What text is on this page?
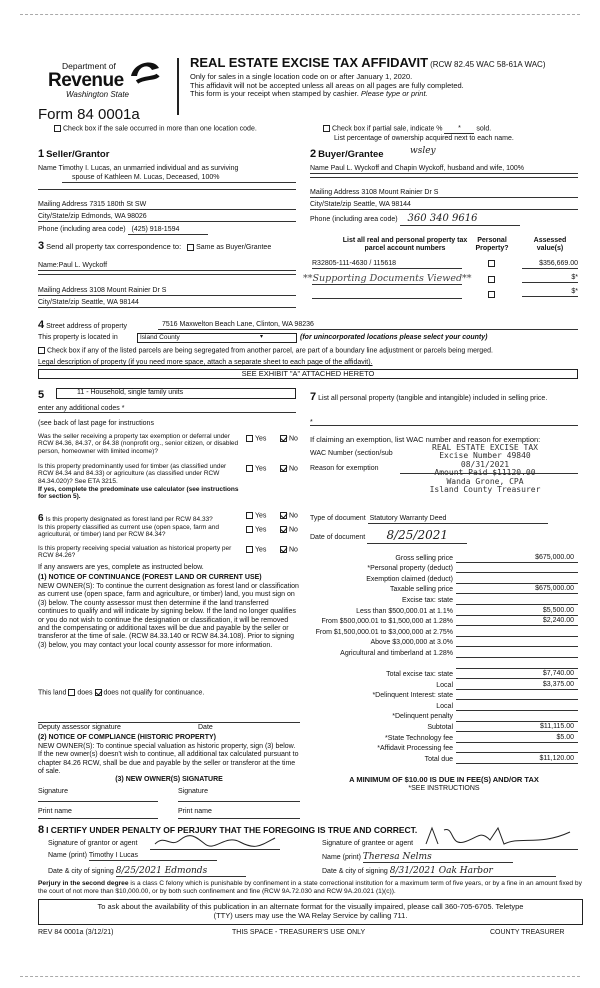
Department of
Revenue
Washington State
Form 84 0001a
REAL ESTATE EXCISE TAX AFFIDAVIT (RCW 82.45 WAC 58-61A WAC)
Only for sales in a single location code on or after January 1, 2020.
This affidavit will not be accepted unless all areas on all pages are fully completed.
This form is your receipt when stamped by cashier. Please type or print.
Check box if the sale occurred in more than one location code.	Check box if partial sale, indicate % * sold.
List percentage of ownership acquired next to each name.
1 Seller/Grantor
Name Timothy I. Lucas, an unmarried individual and as surviving
spouse of Kathleen M. Lucas, Deceased, 100%
Mailing Address 7315 180th St SW
City/State/zip Edmonds, WA 98026
Phone (including area code) (425) 918-1594
2 Buyer/Grantee	wsley
Name Paul L. Wyckoff and Chapin Wyckoff, husband and wife, 100%
Mailing Address 3108 Mount Rainier Dr S
City/State/zip Seattle, WA 98144
Phone (including area code) 360 340 9616
3 Send all property tax correspondence to: Same as Buyer/Grantee
Name:Paul L. Wyckoff
Mailing Address 3108 Mount Rainier Dr S
City/State/zip Seattle, WA 98144
List all real and personal property tax
parcel account numbers
Personal
Property?
Assessed
value(s)
R32805-111-4630 / 115618	$356,669.00
**Supporting Documents Viewed**	$*
$*
4 Street address of property	7516 Maxwelton Beach Lane, Clinton, WA 98236
This property is located in	Island County	▾	(for unincorporated locations please select your county)
Check box if any of the listed parcels are being segregated from another parcel, are part of a boundary line adjustment or parcels being merged.
Legal description of property (if you need more space, attach a separate sheet to each page of the affidavit).
SEE EXHIBIT "A" ATTACHED HERETO
5	11 - Household, single family units
enter any additional codes *
(see back of last page for instructions
Was the seller receiving a property tax exemption or deferral under RCW 84.36, 84.37, or 84.38 (nonprofit org., senior citizen, or disabled person, homeowner with limited income)?
Yes	No
Is this property predominantly used for timber (as classified under RCW 84.34 and 84.33) or agriculture (as classified under RCW 84.34.020)? See ETA 3215.
Yes	No
If yes, complete the predominate use calculator (see instructions for section 5).
6 Is this property designated as forest land per RCW 84.33?
Yes	No
Is this property classified as current use (open space, farm and agricultural, or timber) land per RCW 84.34?
Yes	No
Is this property receiving special valuation as historical property per RCW 84.26?
Yes	No
If any answers are yes, complete as instructed below.
(1) NOTICE OF CONTINUANCE (FOREST LAND OR CURRENT USE)
NEW OWNER(S): To continue the current designation as forest land or classification as current use (open space, farm and agriculture, or timber) land, you must sign on (3) below. The county assessor must then determine if the land transferred continues to qualify and will indicate by signing below. If the land no longer qualifies or you do not wish to continue the designation or classification, it will be removed and the compensating or additional taxes will be due and payable by the seller or transferor at the time of sale. (RCW 84.33.140 or RCW 84.34.108). Prior to signing (3) below, you may contact your local county assessor for more information.
This land does does not qualify for continuance.
Deputy assessor signature	Date
(2) NOTICE OF COMPLIANCE (HISTORIC PROPERTY)
NEW OWNER(S): To continue special valuation as historic property, sign (3) below. If the new owner(s) doesn't wish to continue, all additional tax calculated pursuant to chapter 84.26 RCW, shall be due and payable by the seller or transferor at the time of sale.
(3) NEW OWNER(S) SIGNATURE
Signature	Signature
Print name	Print name
7 List all personal property (tangible and intangible) included in selling price.
*
If claiming an exemption, list WAC number and reason for exemption:
WAC Number (section/sub
Reason for exemption
REAL ESTATE EXCISE TAX
Excise Number 49840
08/31/2021
Amount Paid $11120.00
Wanda Grone, CPA
Island County Treasurer
Type of document Statutory Warranty Deed
Date of document 8/25/2021
Gross selling price	$675,000.00
*Personal property (deduct)
Exemption claimed (deduct)
Taxable selling price	$675,000.00
Excise tax: state
Less than $500,000.01 at 1.1%	$5,500.00
From $500,000.01 to $1,500,000 at 1.28%	$2,240.00
From $1,500,000.01 to $3,000,000 at 2.75%
Above $3,000,000 at 3.0%
Agricultural and timberland at 1.28%
Total excise tax: state	$7,740.00
Local	$3,375.00
*Delinquent Interest: state
Local
*Delinquent penalty
Subtotal	$11,115.00
*State Technology fee	$5.00
*Affidavit Processing fee
Total due	$11,120.00
A MINIMUM OF $10.00 IS DUE IN FEE(S) AND/OR TAX
*SEE INSTRUCTIONS
8 I CERTIFY UNDER PENALTY OF PERJURY THAT THE FOREGOING IS TRUE AND CORRECT.
Signature of grantor or agent
Name (print) Timothy I Lucas
Date & city of signing 8/25/2021 Edmonds
Signature of grantee or agent
Name (print) Theresa Nelms
Date & city of signing 8/31/2021 Oak Harbor
Perjury in the second degree is a class C felony which is punishable by confinement in a state correctional institution for a maximum term of five years, or by a fine in an amount fixed by the court of not more than $10,000.00, or by both such confinement and fine (RCW 9A.72.030 and RCW 9A.20.021 (1)(c)).
To ask about the availability of this publication in an alternate format for the visually impaired, please call 360-705-6705. Teletype
(TTY) users may use the WA Relay Service by calling 711.
REV 84 0001a (3/12/21)	THIS SPACE - TREASURER'S USE ONLY	COUNTY TREASURER
